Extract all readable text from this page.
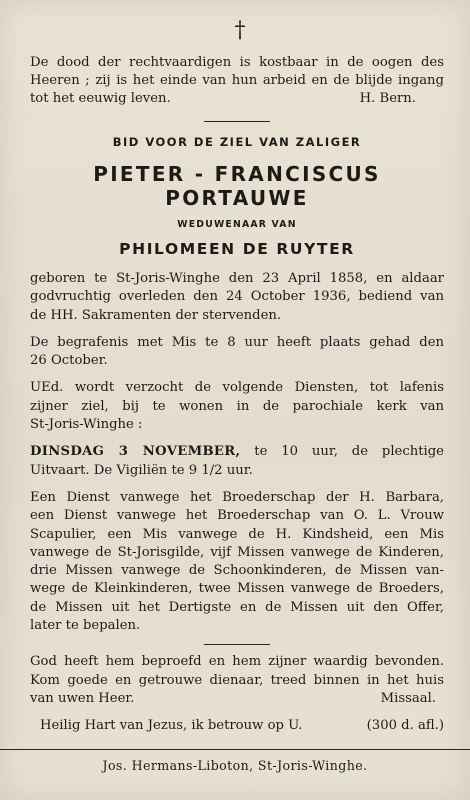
†
De dood der rechtvaardigen is kostbaar in de oogen des
Heeren ; zij is het einde van hun arbeid en de blijde ingang
tot het eeuwig leven.	H. Bern.
BID VOOR DE ZIEL VAN ZALIGER
PIETER - FRANCISCUS PORTAUWE
WEDUWENAAR VAN
PHILOMEEN DE RUYTER
geboren te St-Joris-Winghe den 23 April 1858, en aldaar
godvruchtig overleden den 24 October 1936, bediend van
de HH. Sakramenten der stervenden.
De begrafenis met Mis te 8 uur heeft plaats gehad den
26 October.
UEd. wordt verzocht de volgende Diensten, tot lafenis
zijner ziel, bij te wonen in de parochiale kerk van
St-Joris-Winghe :
DINSDAG 3 NOVEMBER, te 10 uur, de plechtige
Uitvaart. De Vigiliën te 9 1/2 uur.
Een Dienst vanwege het Broederschap der H. Barbara,
een Dienst vanwege het Broederschap van O. L. Vrouw
Scapulier, een Mis vanwege de H. Kindsheid, een Mis
vanwege de St-Jorisgilde, vijf Missen vanwege de Kinderen,
drie Missen vanwege de Schoonkinderen, de Missen van-
wege de Kleinkinderen, twee Missen vanwege de Broeders,
de Missen uit het Dertigste en de Missen uit den Offer,
later te bepalen.
God heeft hem beproefd en hem zijner waardig bevonden.
Kom goede en getrouwe dienaar, treed binnen in het huis
van uwen Heer.	Missaal.
Heilig Hart van Jezus, ik betrouw op U.	(300 d. afl.)
Jos. Hermans-Liboton, St-Joris-Winghe.
